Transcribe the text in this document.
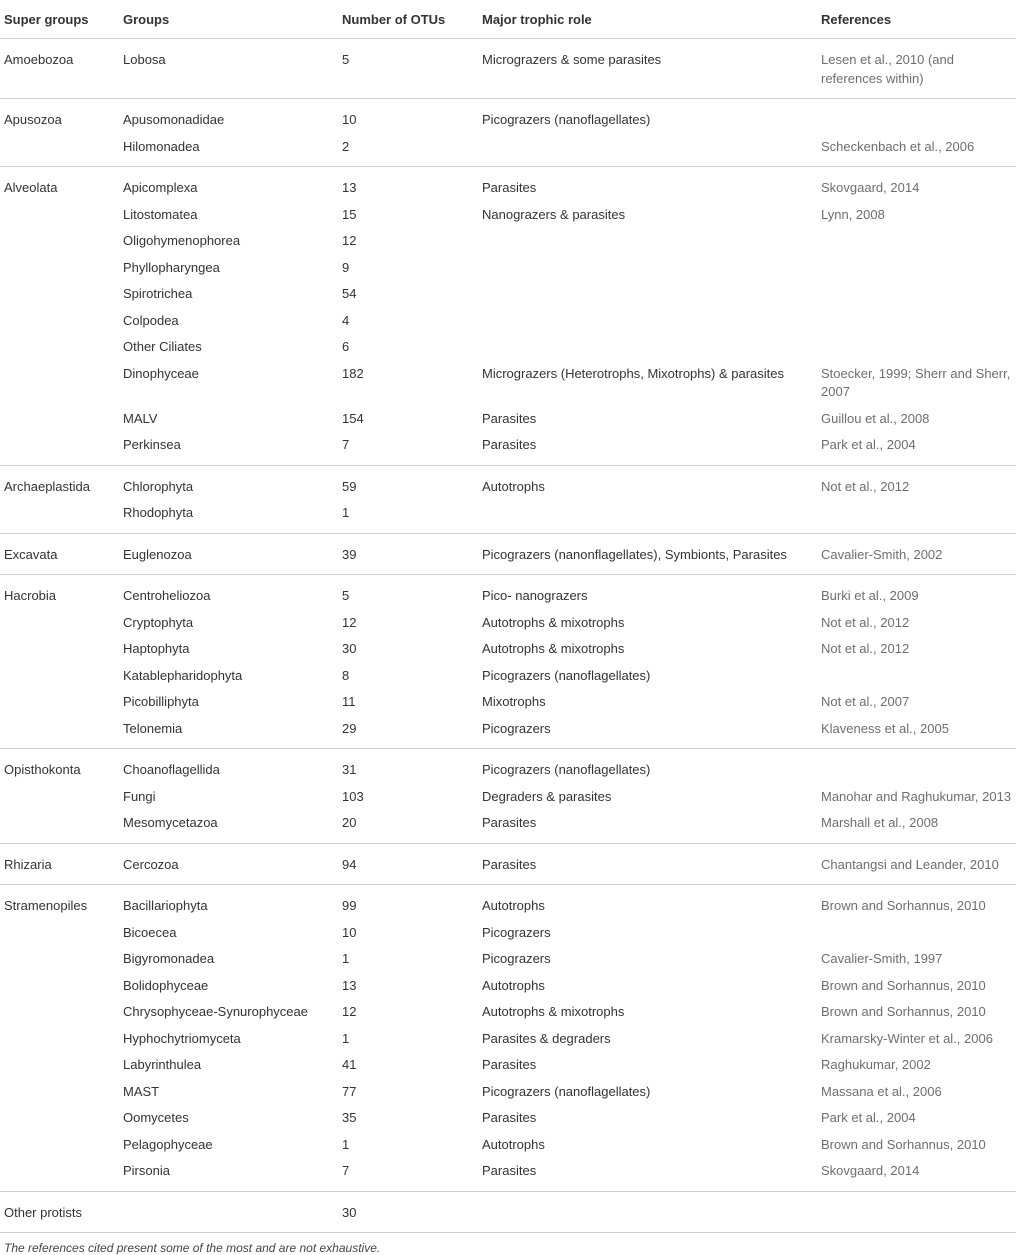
Super groups	Groups	Number of OTUs	Major trophic role	References
Amoebozoa	Lobosa	5	Micrograzers & some parasites	Lesen et al., 2010 (and references within)
Apusozoa	Apusomonadidae	10	Picograzers (nanoflagellates)	
	Hilomonadea	2		Scheckenbach et al., 2006
Alveolata	Apicomplexa	13	Parasites	Skovgaard, 2014
	Litostomatea	15	Nanograzers & parasites	Lynn, 2008
	Oligohymenophorea	12		
	Phyllopharyngea	9		
	Spirotrichea	54		
	Colpodea	4		
	Other Ciliates	6		
	Dinophyceae	182	Micrograzers (Heterotrophs, Mixotrophs) & parasites	Stoecker, 1999; Sherr and Sherr, 2007
	MALV	154	Parasites	Guillou et al., 2008
	Perkinsea	7	Parasites	Park et al., 2004
Archaeplastida	Chlorophyta	59	Autotrophs	Not et al., 2012
	Rhodophyta	1		
Excavata	Euglenozoa	39	Picograzers (nanonflagellates), Symbionts, Parasites	Cavalier-Smith, 2002
Hacrobia	Centroheliozoa	5	Pico- nanograzers	Burki et al., 2009
	Cryptophyta	12	Autotrophs & mixotrophs	Not et al., 2012
	Haptophyta	30	Autotrophs & mixotrophs	Not et al., 2012
	Katablepharidophyta	8	Picograzers (nanoflagellates)	
	Picobilliphyta	11	Mixotrophs	Not et al., 2007
	Telonemia	29	Picograzers	Klaveness et al., 2005
Opisthokonta	Choanoflagellida	31	Picograzers (nanoflagellates)	
	Fungi	103	Degraders & parasites	Manohar and Raghukumar, 2013
	Mesomycetazoa	20	Parasites	Marshall et al., 2008
Rhizaria	Cercozoa	94	Parasites	Chantangsi and Leander, 2010
Stramenopiles	Bacillariophyta	99	Autotrophs	Brown and Sorhannus, 2010
	Bicoecea	10	Picograzers	
	Bigyromonadea	1	Picograzers	Cavalier-Smith, 1997
	Bolidophyceae	13	Autotrophs	Brown and Sorhannus, 2010
	Chrysophyceae-Synurophyceae	12	Autotrophs & mixotrophs	Brown and Sorhannus, 2010
	Hyphochytriomyceta	1	Parasites & degraders	Kramarsky-Winter et al., 2006
	Labyrinthulea	41	Parasites	Raghukumar, 2002
	MAST	77	Picograzers (nanoflagellates)	Massana et al., 2006
	Oomycetes	35	Parasites	Park et al., 2004
	Pelagophyceae	1	Autotrophs	Brown and Sorhannus, 2010
	Pirsonia	7	Parasites	Skovgaard, 2014
Other protists		30		
The references cited present some of the most and are not exhaustive.
